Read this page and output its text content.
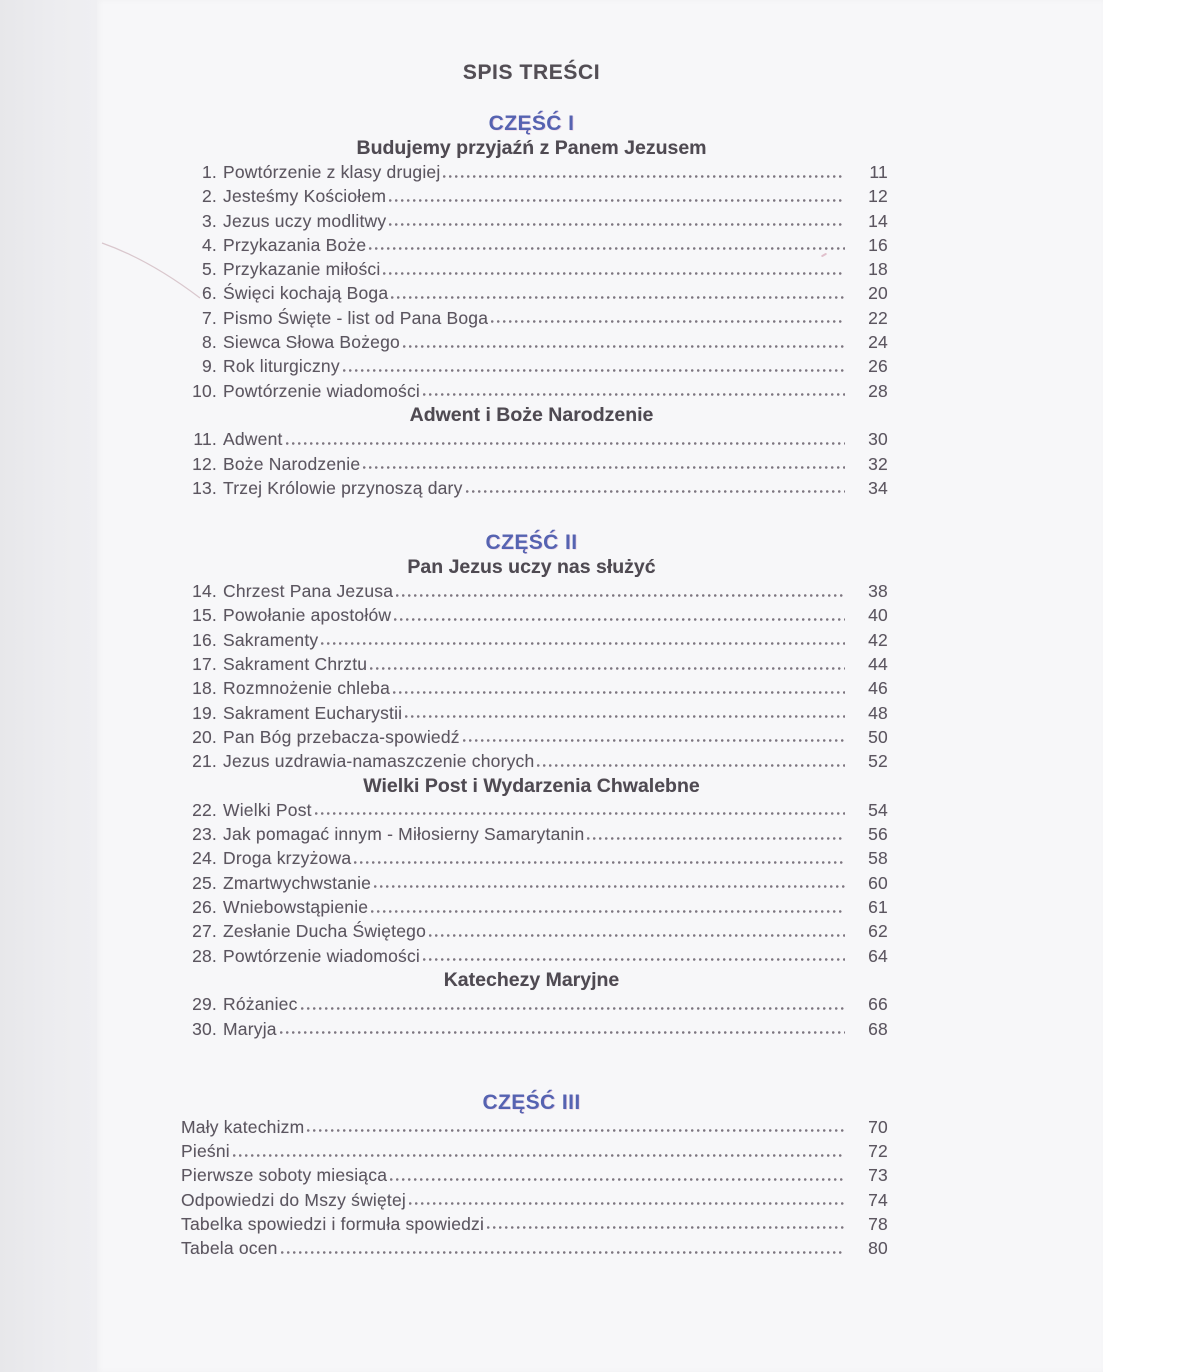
SPIS TREŚCI
CZĘŚĆ I
Budujemy przyjaźń z Panem Jezusem
1. Powtórzenie z klasy drugiej	11
2. Jesteśmy Kościołem	12
3. Jezus uczy modlitwy	14
4. Przykazania Boże	16
5. Przykazanie miłości	18
6. Święci kochają Boga	20
7. Pismo Święte - list od Pana Boga	22
8. Siewca Słowa Bożego	24
9. Rok liturgiczny	26
10. Powtórzenie wiadomości	28
Adwent i Boże Narodzenie
11. Adwent	30
12. Boże Narodzenie	32
13. Trzej Królowie przynoszą dary	34
CZĘŚĆ II
Pan Jezus uczy nas służyć
14. Chrzest Pana Jezusa	38
15. Powołanie apostołów	40
16. Sakramenty	42
17. Sakrament Chrztu	44
18. Rozmnożenie chleba	46
19. Sakrament Eucharystii	48
20. Pan Bóg przebacza-spowiedź	50
21. Jezus uzdrawia-namaszczenie chorych	52
Wielki Post i Wydarzenia Chwalebne
22. Wielki Post	54
23. Jak pomagać innym - Miłosierny Samarytanin	56
24. Droga krzyżowa	58
25. Zmartwychwstanie	60
26. Wniebowstąpienie	61
27. Zesłanie Ducha Świętego	62
28. Powtórzenie wiadomości	64
Katechezy Maryjne
29. Różaniec	66
30. Maryja	68
CZĘŚĆ III
Mały katechizm	70
Pieśni	72
Pierwsze soboty miesiąca	73
Odpowiedzi do Mszy świętej	74
Tabelka spowiedzi i formuła spowiedzi	78
Tabela ocen	80
